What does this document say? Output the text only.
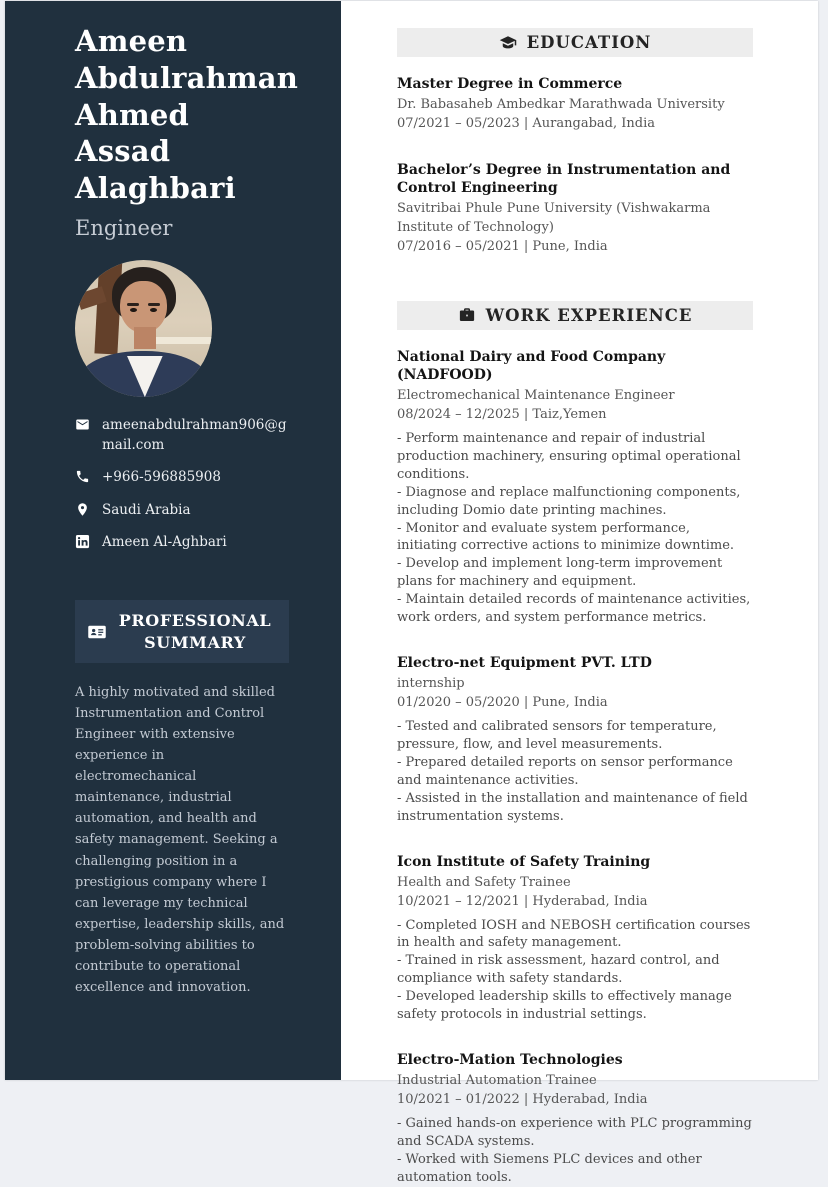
Ameen Abdulrahman Ahmed Assad Alaghbari
Engineer
ameenabdulrahman906@gmail.com
+966-596885908
Saudi Arabia
Ameen Al-Aghbari
PROFESSIONAL SUMMARY

A highly motivated and skilled Instrumentation and Control Engineer with extensive experience in electromechanical maintenance, industrial automation, and health and safety management. Seeking a challenging position in a prestigious company where I can leverage my technical expertise, leadership skills, and problem-solving abilities to contribute to operational excellence and innovation.

EDUCATION
Master Degree in Commerce
Dr. Babasaheb Ambedkar Marathwada University
07/2021 – 05/2023 | Aurangabad, India
Bachelor’s Degree in Instrumentation and Control Engineering
Savitribai Phule Pune University (Vishwakarma Institute of Technology)
07/2016 – 05/2021 | Pune, India
WORK EXPERIENCE
National Dairy and Food Company (NADFOOD)
Electromechanical Maintenance Engineer
08/2024 – 12/2025 | Taiz,Yemen
- Perform maintenance and repair of industrial production machinery, ensuring optimal operational conditions.
- Diagnose and replace malfunctioning components, including Domio date printing machines.
- Monitor and evaluate system performance, initiating corrective actions to minimize downtime.
- Develop and implement long-term improvement plans for machinery and equipment.
- Maintain detailed records of maintenance activities, work orders, and system performance metrics.
Electro-net Equipment PVT. LTD
internship
01/2020 – 05/2020 | Pune, India
- Tested and calibrated sensors for temperature, pressure, flow, and level measurements.
- Prepared detailed reports on sensor performance and maintenance activities.
- Assisted in the installation and maintenance of field instrumentation systems.
Icon Institute of Safety Training
Health and Safety Trainee
10/2021 – 12/2021 | Hyderabad, India
- Completed IOSH and NEBOSH certification courses in health and safety management.
- Trained in risk assessment, hazard control, and compliance with safety standards.
- Developed leadership skills to effectively manage safety protocols in industrial settings.
Electro-Mation Technologies
Industrial Automation Trainee
10/2021 – 01/2022 | Hyderabad, India
- Gained hands-on experience with PLC programming and SCADA systems.
- Worked with Siemens PLC devices and other automation tools.
